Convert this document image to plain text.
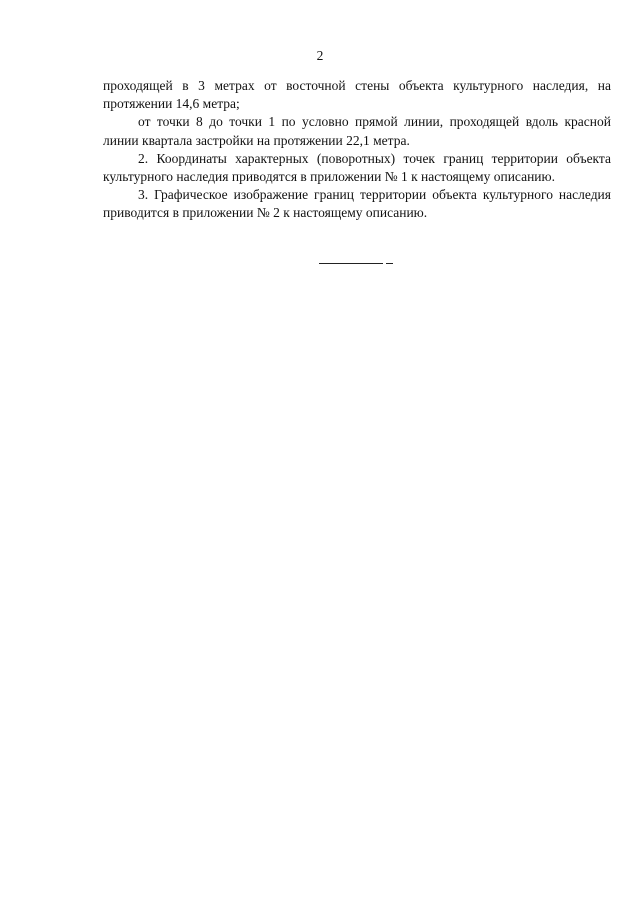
2

проходящей в 3 метрах от восточной стены объекта культурного наследия, на протяжении 14,6 метра;

от точки 8 до точки 1 по условно прямой линии, проходящей вдоль красной линии квартала застройки на протяжении 22,1 метра.

2. Координаты характерных (поворотных) точек границ территории объекта культурного наследия приводятся в приложении № 1 к настоящему описанию.

3. Графическое изображение границ территории объекта культурного наследия приводится в приложении № 2 к настоящему описанию.
